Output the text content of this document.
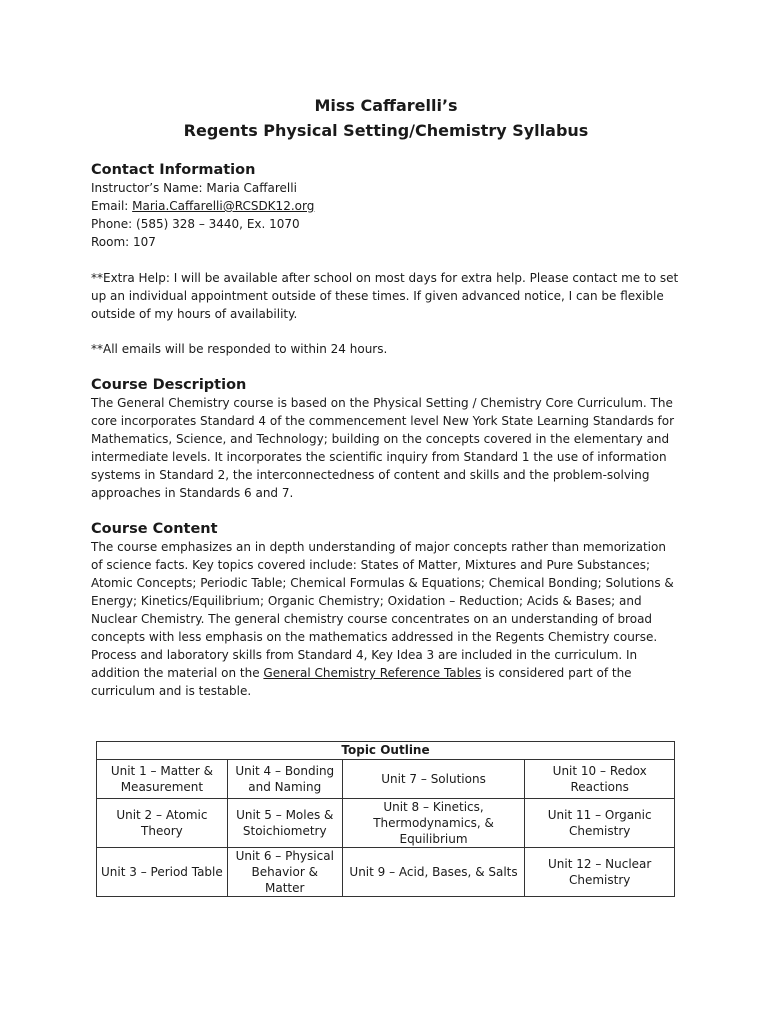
Miss Caffarelli’s

Regents Physical Setting/Chemistry Syllabus

Contact Information

Instructor’s Name: Maria Caffarelli

Email: Maria.Caffarelli@RCSDK12.org

Phone: (585) 328 – 3440, Ex. 1070

Room: 107

**Extra Help: I will be available after school on most days for extra help. Please contact me to set up an individual appointment outside of these times. If given advanced notice, I can be flexible outside of my hours of availability.

**All emails will be responded to within 24 hours.

Course Description

The General Chemistry course is based on the Physical Setting / Chemistry Core Curriculum. The core incorporates Standard 4 of the commencement level New York State Learning Standards for Mathematics, Science, and Technology; building on the concepts covered in the elementary and intermediate levels. It incorporates the scientific inquiry from Standard 1 the use of information systems in Standard 2, the interconnectedness of content and skills and the problem-solving approaches in Standards 6 and 7.

Course Content

The course emphasizes an in depth understanding of major concepts rather than memorization of science facts. Key topics covered include: States of Matter, Mixtures and Pure Substances; Atomic Concepts; Periodic Table; Chemical Formulas & Equations; Chemical Bonding; Solutions & Energy; Kinetics/Equilibrium; Organic Chemistry; Oxidation – Reduction; Acids & Bases; and Nuclear Chemistry. The general chemistry course concentrates on an understanding of broad concepts with less emphasis on the mathematics addressed in the Regents Chemistry course. Process and laboratory skills from Standard 4, Key Idea 3 are included in the curriculum. In addition the material on the General Chemistry Reference Tables is considered part of the curriculum and is testable.

Topic Outline			
Unit 1 – Matter & Measurement	Unit 4 – Bonding and Naming	Unit 7 – Solutions	Unit 10 – Redox Reactions
Unit 2 – Atomic Theory	Unit 5 – Moles & Stoichiometry	Unit 8 – Kinetics, Thermodynamics, & Equilibrium	Unit 11 – Organic Chemistry
Unit 3 – Period Table	Unit 6 – Physical Behavior & Matter	Unit 9 – Acid, Bases, & Salts	Unit 12 – Nuclear Chemistry
